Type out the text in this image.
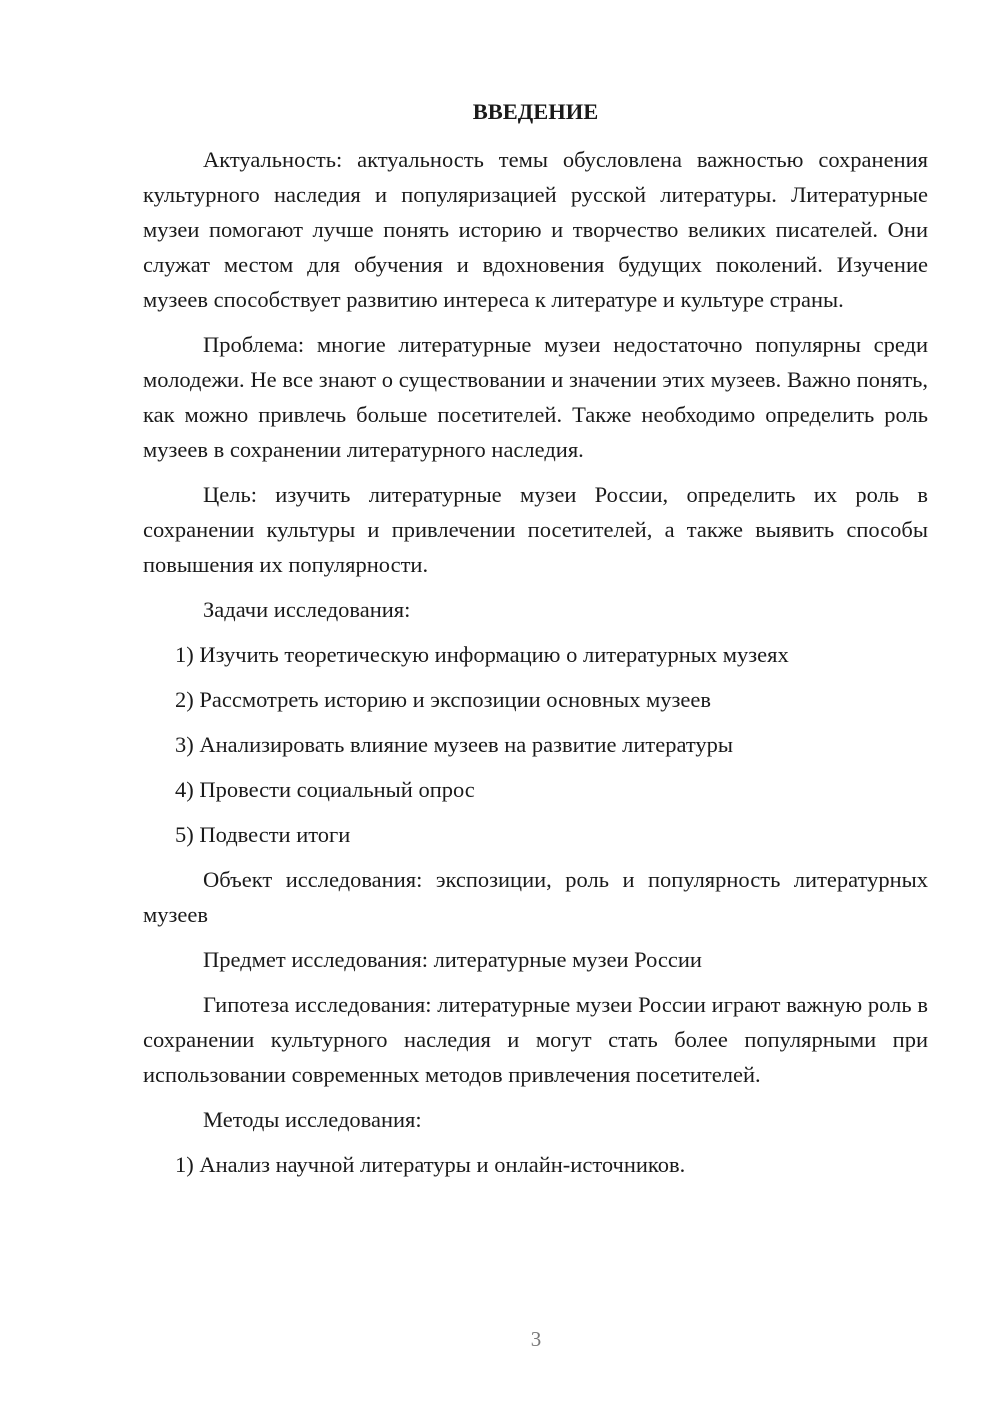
ВВЕДЕНИЕ

Актуальность: актуальность темы обусловлена важностью сохранения культурного наследия и популяризацией русской литературы. Литературные музеи помогают лучше понять историю и творчество великих писателей. Они служат местом для обучения и вдохновения будущих поколений. Изучение музеев способствует развитию интереса к литературе и культуре страны.

Проблема: многие литературные музеи недостаточно популярны среди молодежи. Не все знают о существовании и значении этих музеев. Важно понять, как можно привлечь больше посетителей. Также необходимо определить роль музеев в сохранении литературного наследия.

Цель: изучить литературные музеи России, определить их роль в сохранении культуры и привлечении посетителей, а также выявить способы повышения их популярности.

Задачи исследования:

1) Изучить теоретическую информацию о литературных музеях

2) Рассмотреть историю и экспозиции основных музеев

3) Анализировать влияние музеев на развитие литературы

4) Провести социальный опрос

5) Подвести итоги

Объект исследования: экспозиции, роль и популярность литературных музеев

Предмет исследования: литературные музеи России

Гипотеза исследования: литературные музеи России играют важную роль в сохранении культурного наследия и могут стать более популярными при использовании современных методов привлечения посетителей.

Методы исследования:

1) Анализ научной литературы и онлайн-источников.

3
